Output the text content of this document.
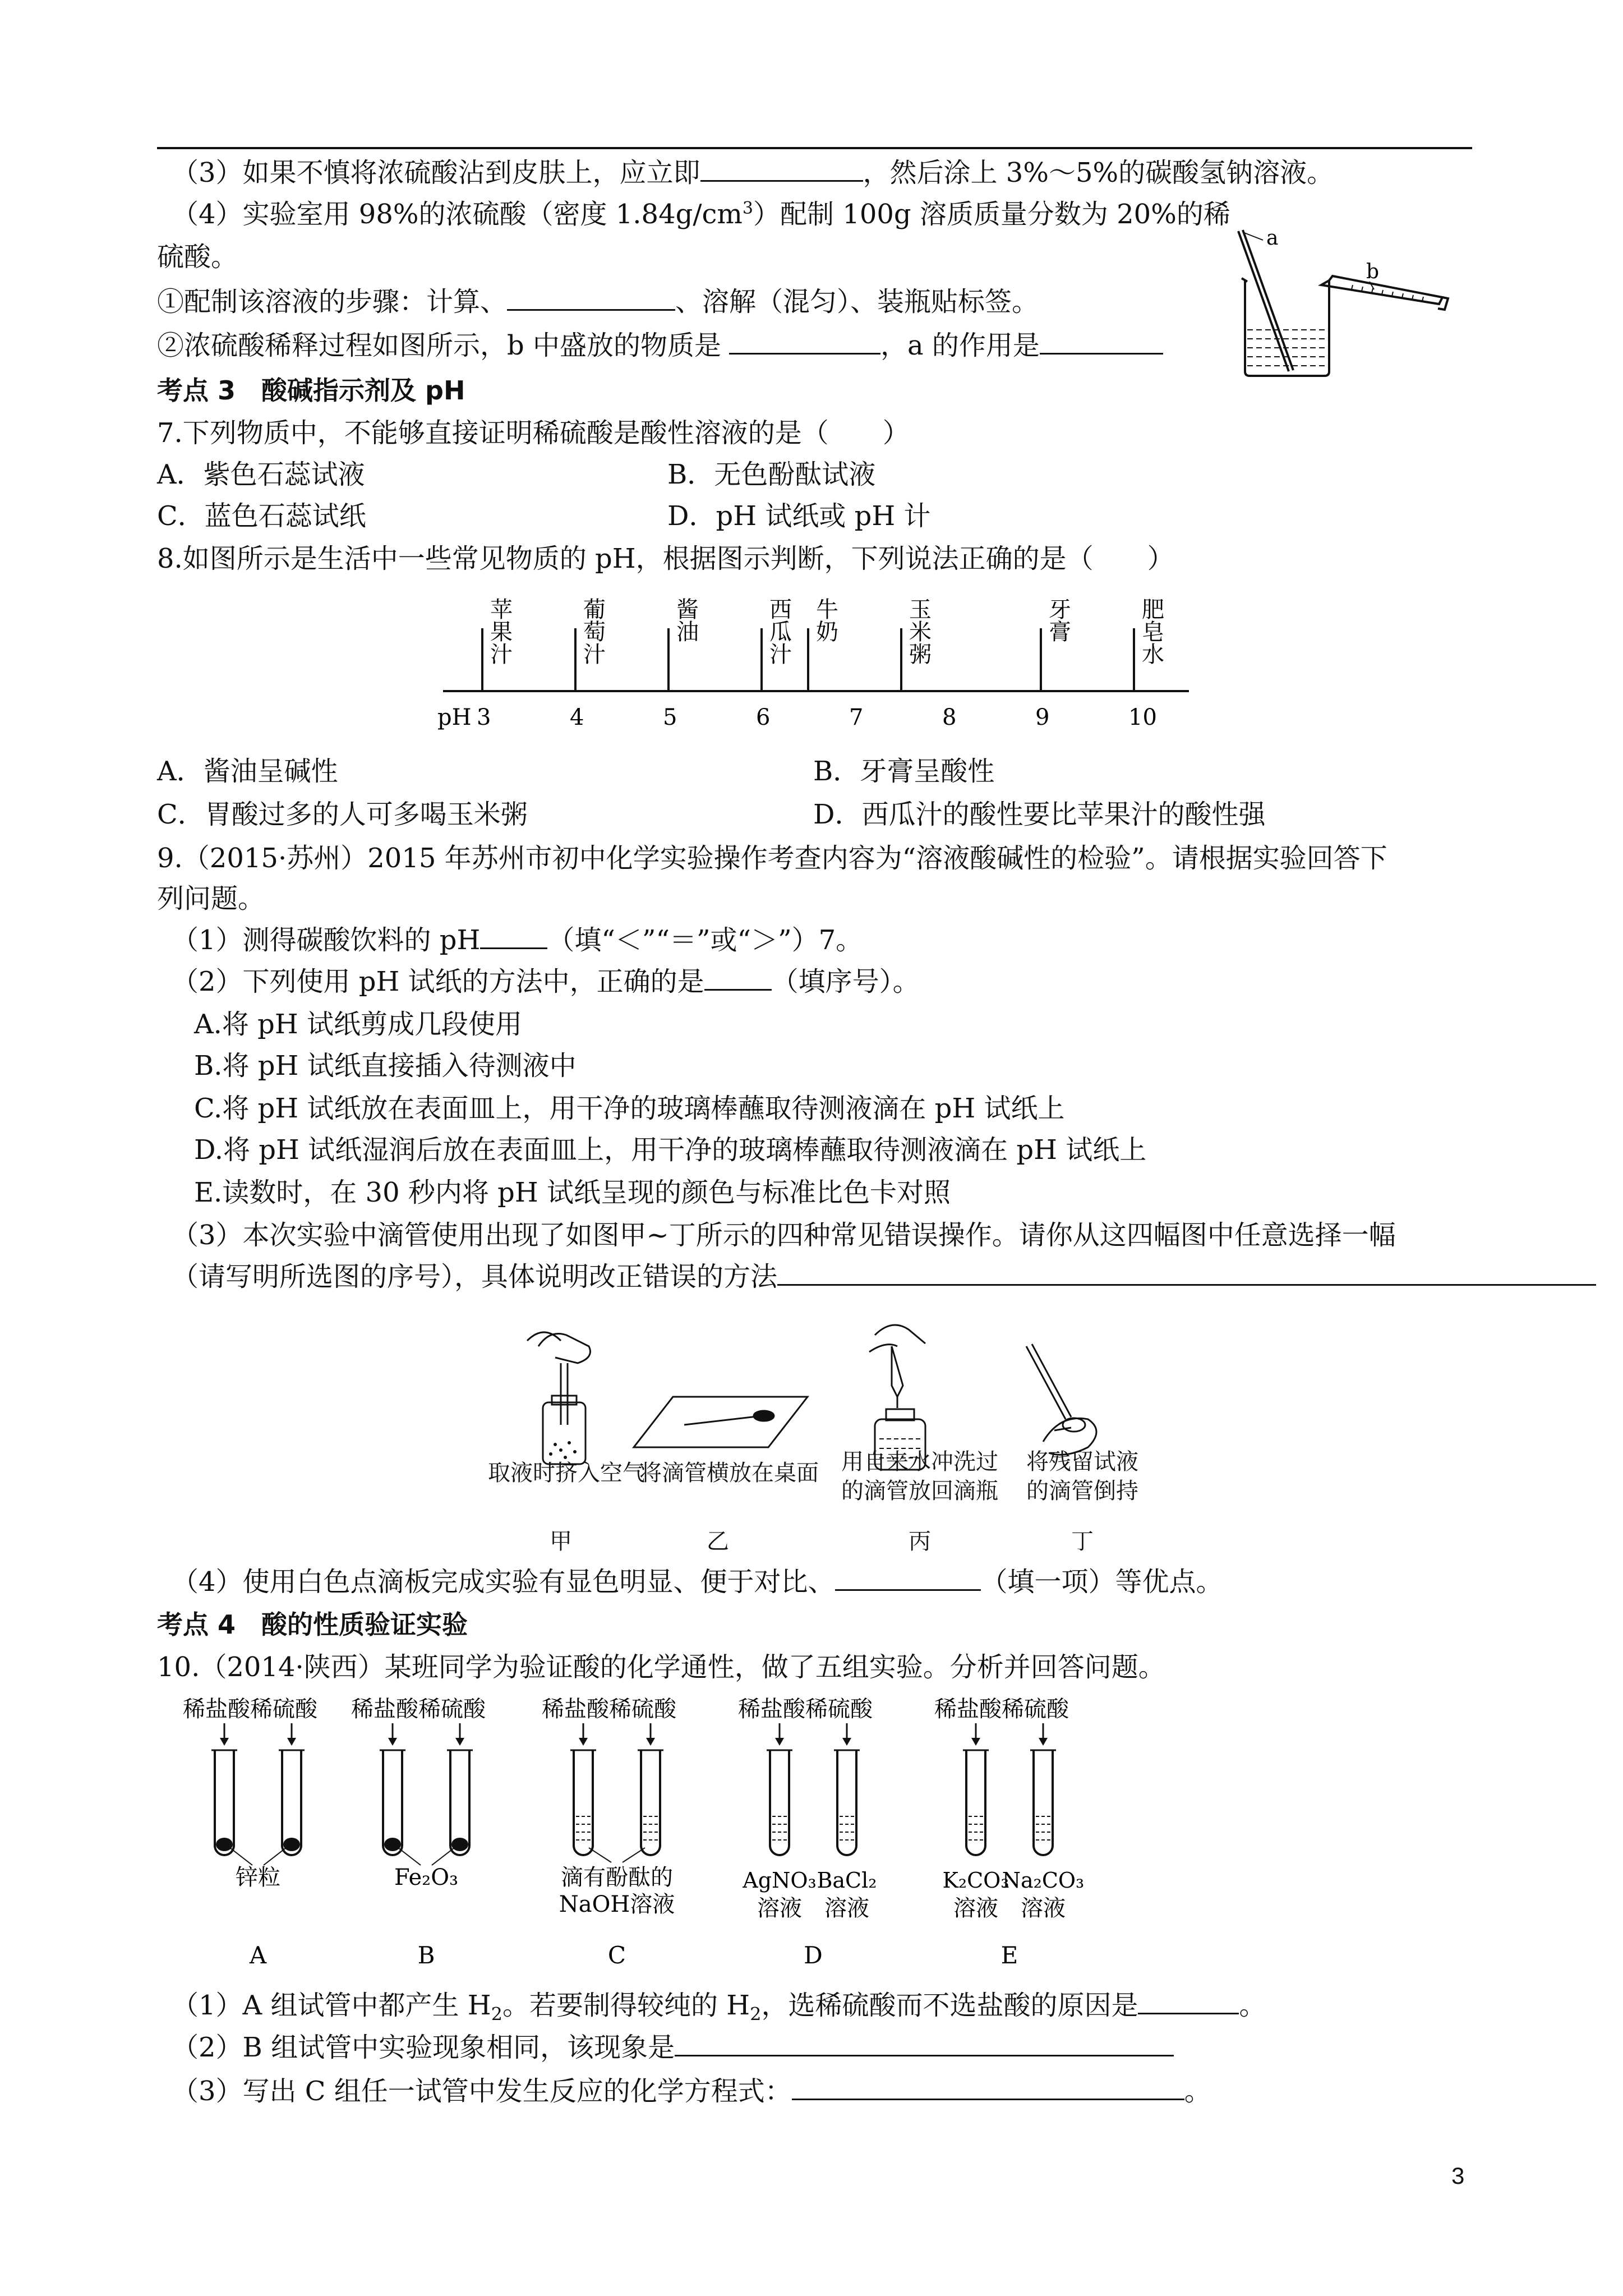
（3）如果不慎将浓硫酸沾到皮肤上，应立即	，然后涂上 3%～5%的碳酸氢钠溶液。
（4）实验室用 98%的浓硫酸（密度 $1.84g/cm^3$）配制 100g 溶质质量分数为 20%的稀
硫酸。
①配制该溶液的步骤：计算、	、溶解（混匀）、装瓶贴标签。
②浓硫酸稀释过程如图所示，b 中盛放的物质是	，a 的作用是
a
b
考点 3　酸碱指示剂及 pH
7.下列物质中，不能够直接证明稀硫酸是酸性溶液的是（　　）
A．紫色石蕊试液	B．无色酚酞试液
C．蓝色石蕊试纸	D．pH 试纸或 pH 计
8.如图所示是生活中一些常见物质的 pH，根据图示判断，下列说法正确的是（　　）
pH 3	4	5	6	7	8	9	10
苹
果
汁
葡
萄
汁
酱
油
西
瓜
汁
牛
奶
玉
米
粥
牙
膏
肥
皂
水
A．酱油呈碱性	B．牙膏呈酸性
C．胃酸过多的人可多喝玉米粥	D．西瓜汁的酸性要比苹果汁的酸性强
9.（2015·苏州）2015 年苏州市初中化学实验操作考查内容为“溶液酸碱性的检验”。请根据实验回答下
列问题。
（1）测得碳酸饮料的 pH	（填“＜”“＝”或“＞”）7。
（2）下列使用 pH 试纸的方法中，正确的是	（填序号）。
A.将 pH 试纸剪成几段使用
B.将 pH 试纸直接插入待测液中
C.将 pH 试纸放在表面皿上，用干净的玻璃棒蘸取待测液滴在 pH 试纸上
D.将 pH 试纸湿润后放在表面皿上，用干净的玻璃棒蘸取待测液滴在 pH 试纸上
E.读数时，在 30 秒内将 pH 试纸呈现的颜色与标准比色卡对照
（3）本次实验中滴管使用出现了如图甲~丁所示的四种常见错误操作。请你从这四幅图中任意选择一幅
（请写明所选图的序号），具体说明改正错误的方法
取液时挤入空气
将滴管横放在桌面	用自来水冲洗过
的滴管放回滴瓶
将残留试液
的滴管倒持
甲	乙	丙	丁
（4）使用白色点滴板完成实验有显色明显、便于对比、	（填一项）等优点。
考点 4　酸的性质验证实验
10.（2014·陕西）某班同学为验证酸的化学通性，做了五组实验。分析并回答问题。
稀盐酸 稀硫酸
锌粒
A
稀盐酸 稀硫酸
Fe₂O₃
B
稀盐酸 稀硫酸
滴有酚酞的
NaOH溶液
C
稀盐酸 稀硫酸
D
稀盐酸 稀硫酸
E
AgNO₃
溶液
BaCl₂
溶液
K₂CO₃
溶液
Na₂CO₃
溶液
（1）A 组试管中都产生 $H_2$。若要制得较纯的 $H_2$，选稀硫酸而不选盐酸的原因是	。
（2）B 组试管中实验现象相同，该现象是
（3）写出 C 组任一试管中发生反应的化学方程式：	。
3
